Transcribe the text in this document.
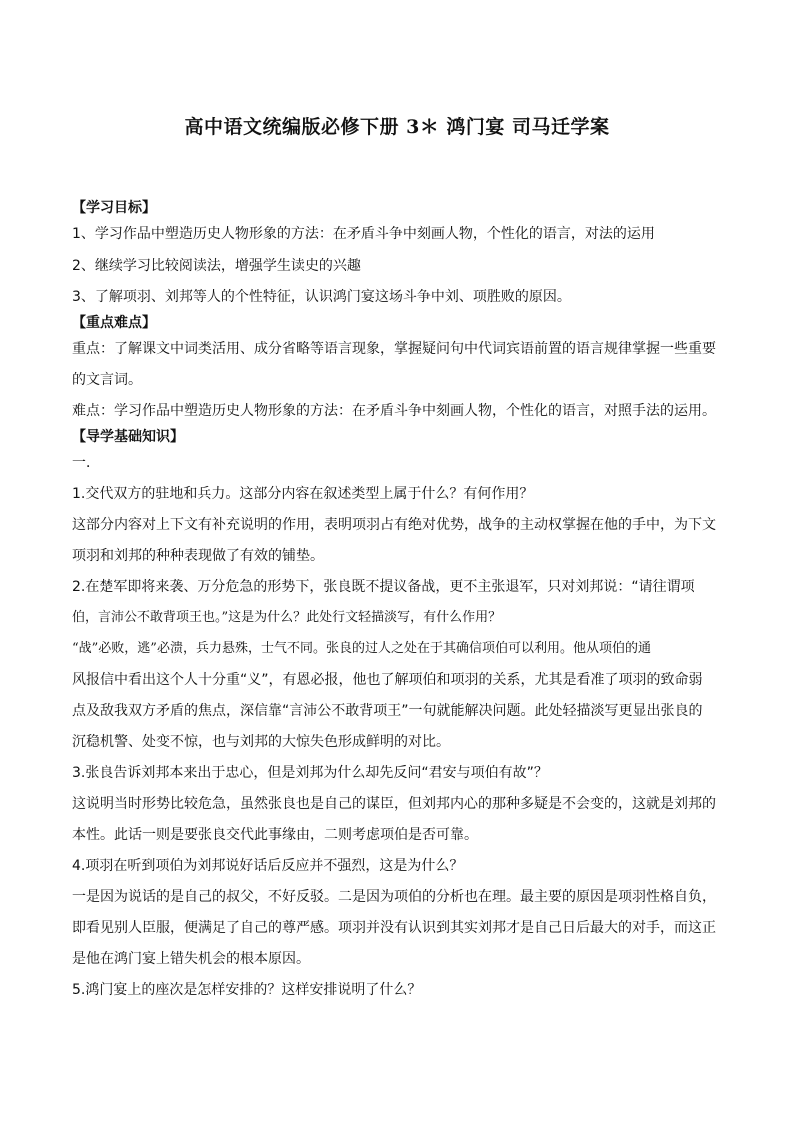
高中语文统编版必修下册 3＊ 鸿门宴 司马迁学案
【学习目标】
1、学习作品中塑造历史人物形象的方法：在矛盾斗争中刻画人物，个性化的语言，对法的运用
2、继续学习比较阅读法，增强学生读史的兴趣
3、了解项羽、刘邦等人的个性特征，认识鸿门宴这场斗争中刘、项胜败的原因。
【重点难点】
重点：了解课文中词类活用、成分省略等语言现象，掌握疑问句中代词宾语前置的语言规律掌握一些重要
的文言词。
难点：学习作品中塑造历史人物形象的方法：在矛盾斗争中刻画人物，个性化的语言，对照手法的运用。
【导学基础知识】
一．
1.交代双方的驻地和兵力。这部分内容在叙述类型上属于什么？有何作用？
这部分内容对上下文有补充说明的作用，表明项羽占有绝对优势，战争的主动权掌握在他的手中，为下文
项羽和刘邦的种种表现做了有效的铺垫。
2.在楚军即将来袭、万分危急的形势下，张良既不提议备战，更不主张退军，只对刘邦说：“请往谓项
伯，言沛公不敢背项王也。”这是为什么？此处行文轻描淡写，有什么作用？
“战”必败，逃”必溃，兵力悬殊，士气不同。张良的过人之处在于其确信项伯可以利用。他从项伯的通
风报信中看出这个人十分重“义”，有恩必报，他也了解项伯和项羽的关系，尤其是看准了项羽的致命弱
点及敌我双方矛盾的焦点，深信靠“言沛公不敢背项王”一句就能解决问题。此处轻描淡写更显出张良的
沉稳机警、处变不惊，也与刘邦的大惊失色形成鲜明的对比。
3.张良告诉刘邦本来出于忠心，但是刘邦为什么却先反问“君安与项伯有故”？
这说明当时形势比较危急，虽然张良也是自己的谋臣，但刘邦内心的那种多疑是不会变的，这就是刘邦的
本性。此话一则是要张良交代此事缘由，二则考虑项伯是否可靠。
4.项羽在听到项伯为刘邦说好话后反应并不强烈，这是为什么？
一是因为说话的是自己的叔父，不好反驳。二是因为项伯的分析也在理。最主要的原因是项羽性格自负，
即看见别人臣服，便满足了自己的尊严感。项羽并没有认识到其实刘邦才是自己日后最大的对手，而这正
是他在鸿门宴上错失机会的根本原因。
5.鸿门宴上的座次是怎样安排的？这样安排说明了什么？
